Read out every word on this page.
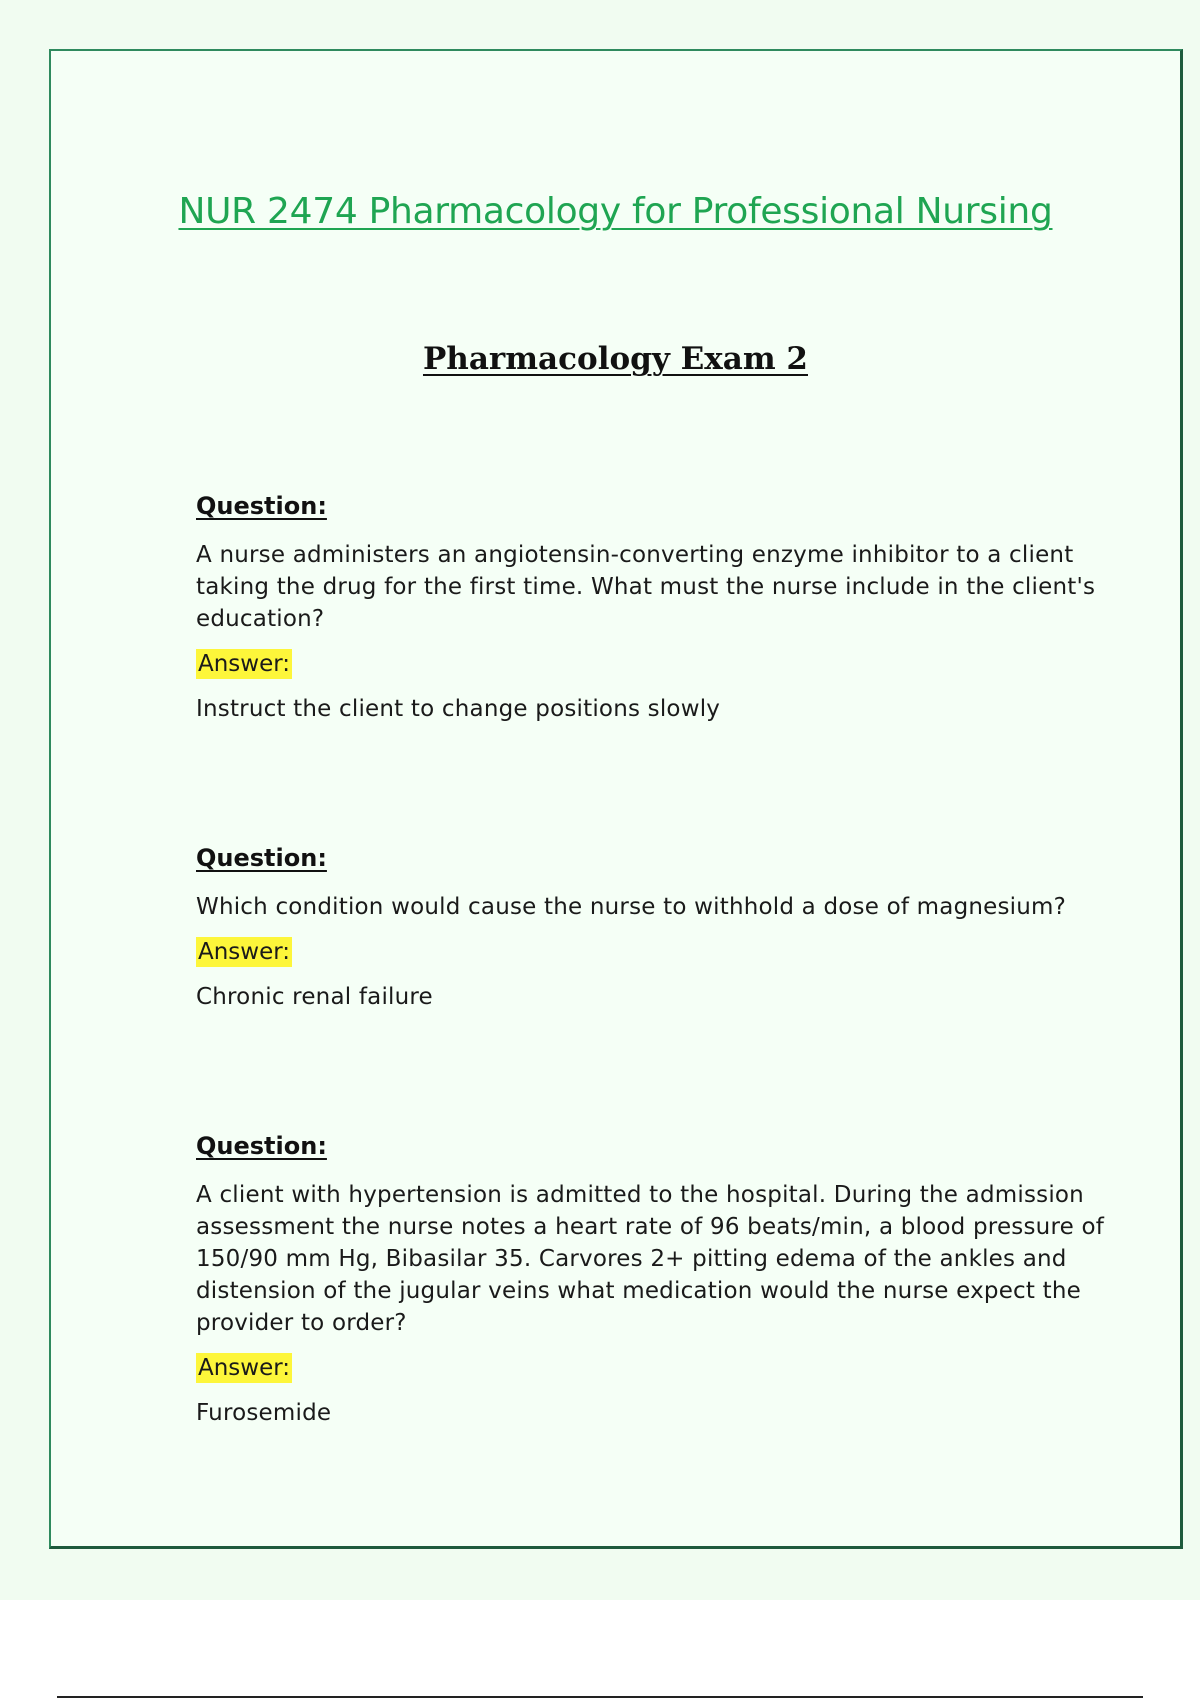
NUR 2474 Pharmacology for Professional Nursing
Pharmacology Exam 2

Question:

A nurse administers an angiotensin-converting enzyme inhibitor to a client taking the drug for the first time. What must the nurse include in the client's education?

Answer:

Instruct the client to change positions slowly

Question:

Which condition would cause the nurse to withhold a dose of magnesium?

Answer:

Chronic renal failure

Question:

A client with hypertension is admitted to the hospital. During the admission assessment the nurse notes a heart rate of 96 beats/min, a blood pressure of 150/90 mm Hg, Bibasilar 35. Carvores 2+ pitting edema of the ankles and distension of the jugular veins what medication would the nurse expect the provider to order?

Answer:

Furosemide
